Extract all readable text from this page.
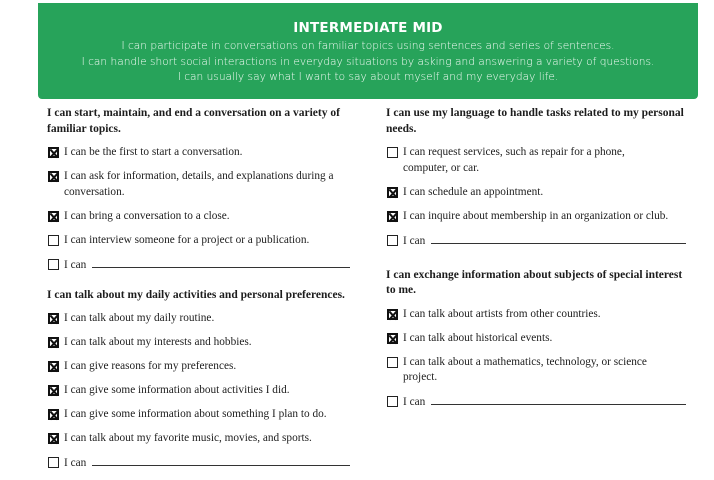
INTERMEDIATE MID
I can participate in conversations on familiar topics using sentences and series of sentences.
I can handle short social interactions in everyday situations by asking and answering a variety of questions.
I can usually say what I want to say about myself and my everyday life.
I can start, maintain, and end a conversation on a variety of familiar topics.
I can be the first to start a conversation.
I can ask for information, details, and explanations during a conversation.
I can bring a conversation to a close.
I can interview someone for a project or a publication.
I can
I can talk about my daily activities and personal preferences.
I can talk about my daily routine.
I can talk about my interests and hobbies.
I can give reasons for my preferences.
I can give some information about activities I did.
I can give some information about something I plan to do.
I can talk about my favorite music, movies, and sports.
I can
I can use my language to handle tasks related to my personal needs.
I can request services, such as repair for a phone, computer, or car.
I can schedule an appointment.
I can inquire about membership in an organization or club.
I can
I can exchange information about subjects of special interest to me.
I can talk about artists from other countries.
I can talk about historical events.
I can talk about a mathematics, technology, or science project.
I can
